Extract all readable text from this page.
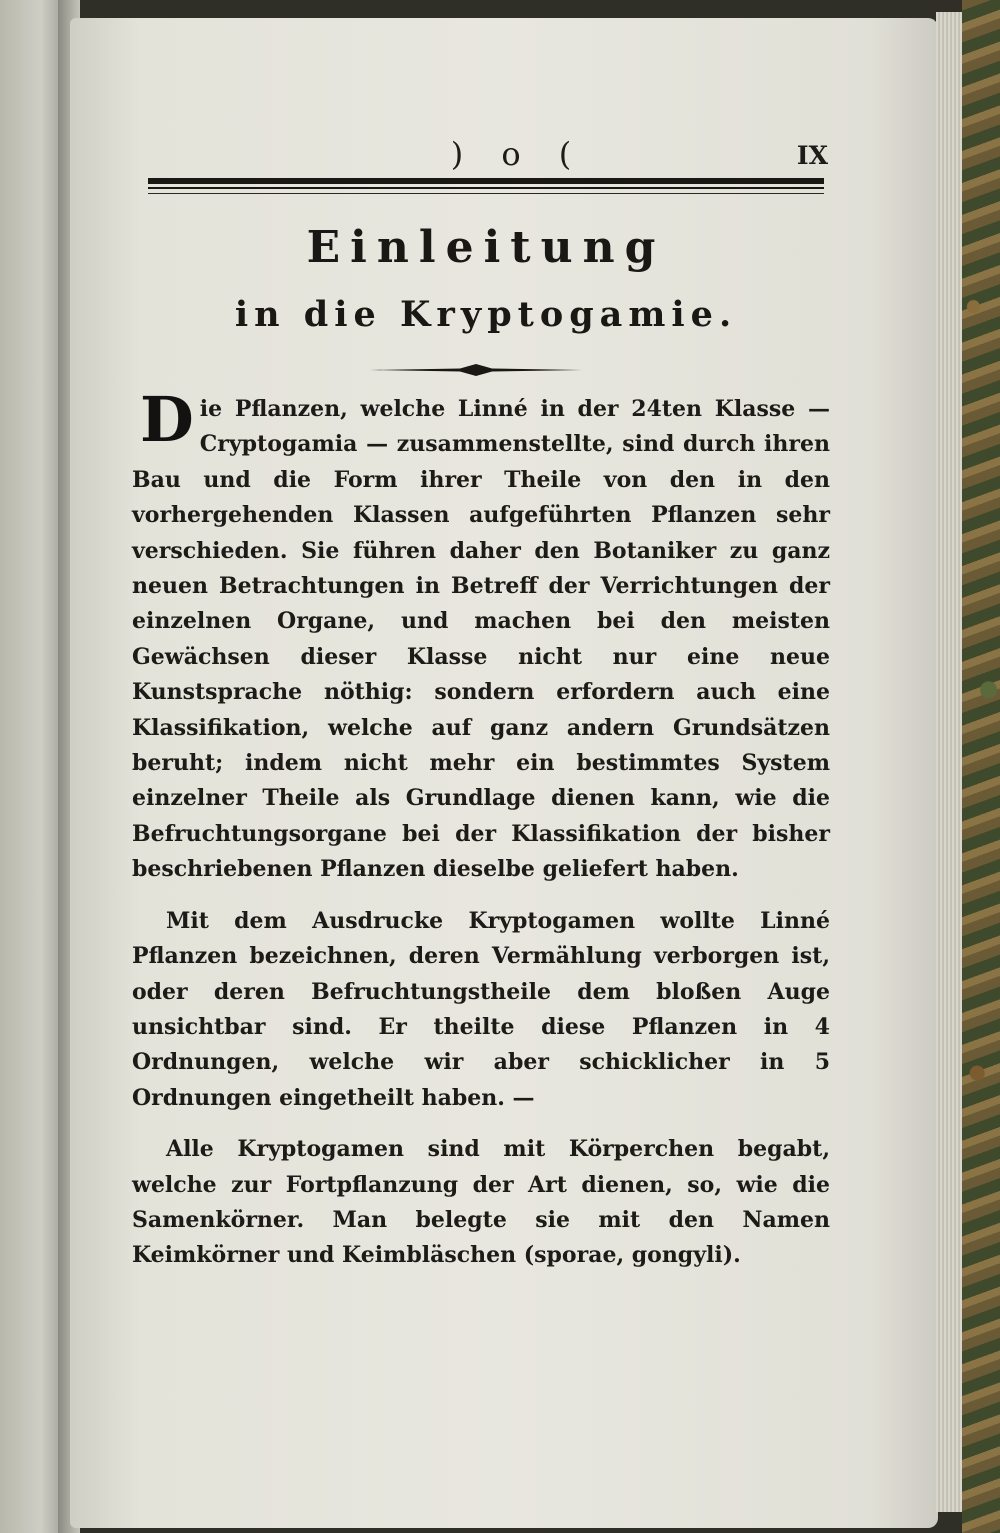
) o (	IX
Einleitung
in die Kryptogamie.

Die Pflanzen, welche Linné in der 24ten Klasse — Cryptogamia — zusammenstellte, sind durch ihren Bau und die Form ihrer Theile von den in den vorhergehenden Klassen aufgeführten Pflanzen sehr verschieden. Sie führen daher den Botaniker zu ganz neuen Betrachtungen in Betreff der Verrichtungen der einzelnen Organe, und machen bei den meisten Gewächsen dieser Klasse nicht nur eine neue Kunstsprache nöthig: sondern erfordern auch eine Klassifikation, welche auf ganz andern Grundsätzen beruht; indem nicht mehr ein bestimmtes System einzelner Theile als Grundlage dienen kann, wie die Befruchtungsorgane bei der Klassifikation der bisher beschriebenen Pflanzen dieselbe geliefert haben.

Mit dem Ausdrucke Kryptogamen wollte Linné Pflanzen bezeichnen, deren Vermählung verborgen ist, oder deren Befruchtungstheile dem bloßen Auge unsichtbar sind. Er theilte diese Pflanzen in 4 Ordnungen, welche wir aber schicklicher in 5 Ordnungen eingetheilt haben. —

Alle Kryptogamen sind mit Körperchen begabt, welche zur Fortpflanzung der Art dienen, so, wie die Samenkörner. Man belegte sie mit den Namen Keimkörner und Keimbläschen (sporae, gongyli).
